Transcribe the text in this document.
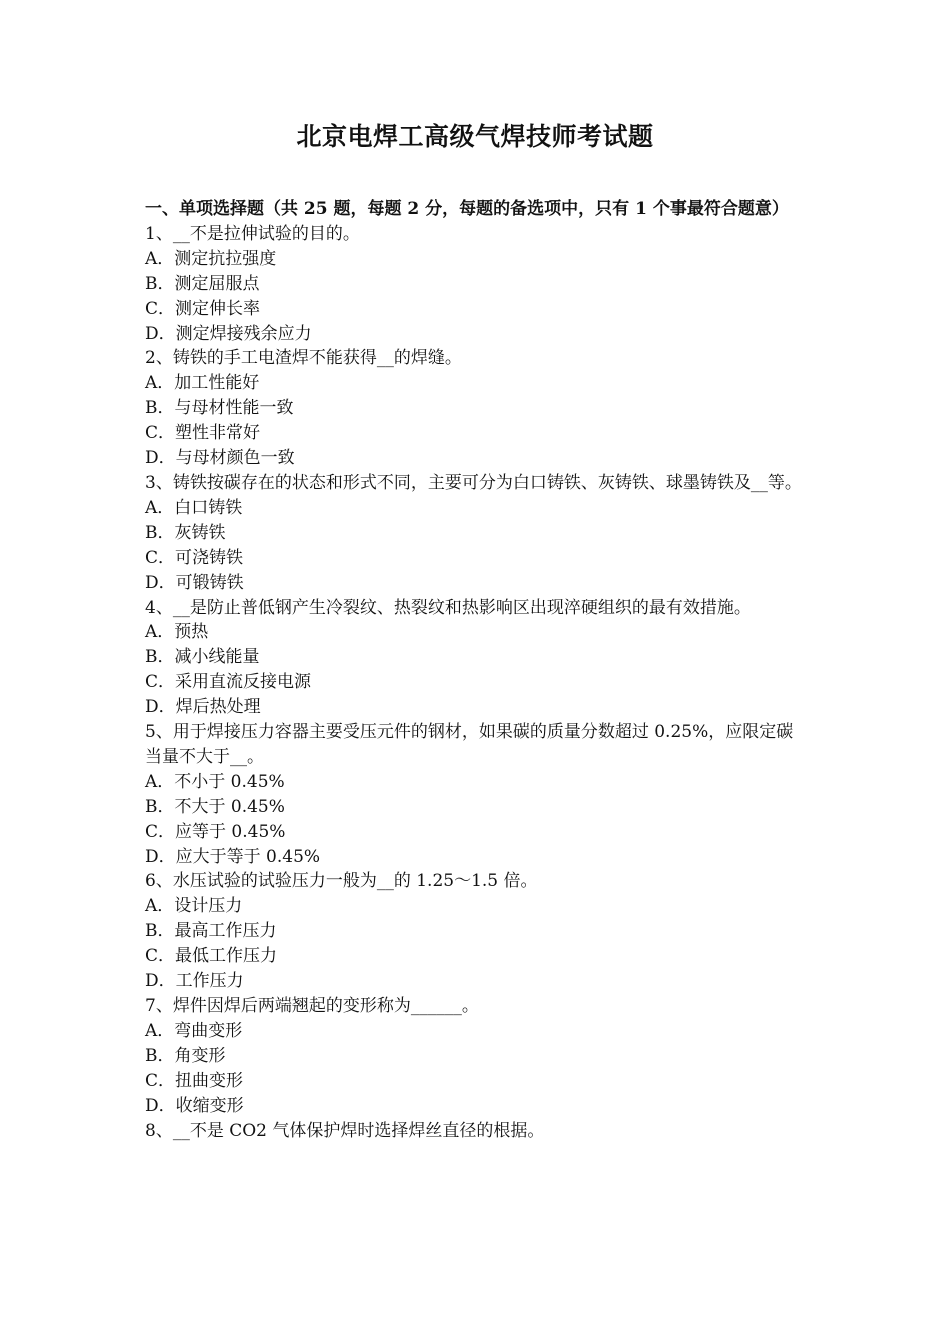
北京电焊工高级气焊技师考试题
一、单项选择题（共 25 题，每题 2 分，每题的备选项中，只有 1 个事最符合题意）
1、__不是拉伸试验的目的。
A．测定抗拉强度
B．测定屈服点
C．测定伸长率
D．测定焊接残余应力
2、铸铁的手工电渣焊不能获得__的焊缝。
A．加工性能好
B．与母材性能一致
C．塑性非常好
D．与母材颜色一致
3、铸铁按碳存在的状态和形式不同，主要可分为白口铸铁、灰铸铁、球墨铸铁及__等。
A．白口铸铁
B．灰铸铁
C．可浇铸铁
D．可锻铸铁
4、__是防止普低钢产生冷裂纹、热裂纹和热影响区出现淬硬组织的最有效措施。
A．预热
B．减小线能量
C．采用直流反接电源
D．焊后热处理
5、用于焊接压力容器主要受压元件的钢材，如果碳的质量分数超过 0.25%，应限定碳当量不大于__。
A．不小于 0.45%
B．不大于 0.45%
C．应等于 0.45%
D．应大于等于 0.45%
6、水压试验的试验压力一般为__的 1.25～1.5 倍。
A．设计压力
B．最高工作压力
C．最低工作压力
D．工作压力
7、焊件因焊后两端翘起的变形称为______。
A．弯曲变形
B．角变形
C．扭曲变形
D．收缩变形
8、__不是 CO2 气体保护焊时选择焊丝直径的根据。
